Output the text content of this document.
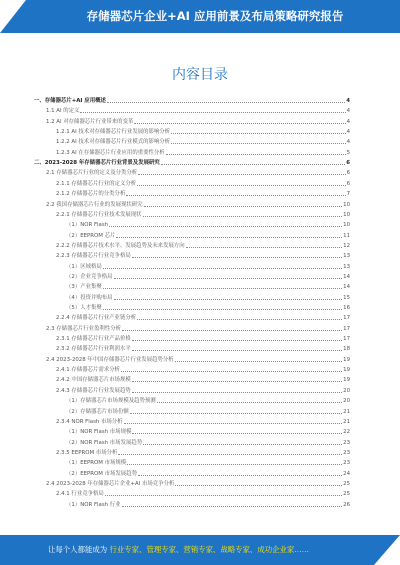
存储器芯片企业+AI 应用前景及布局策略研究报告
内容目录
一、存储器芯片+AI 应用概述	4
1.1 AI 的定义	4
1.2 AI 对存储器芯片行业带来的变革	4
1.2.1 AI 技术对存储器芯片行业发展的影响分析	4
1.2.2 AI 技术对存储器芯片行业模式的影响分析	4
1.2.3 AI 在存储器芯片行业应用的重要性分析	5
二、2023-2028 年存储器芯片行业背景及发展研究	6
2.1 存储器芯片行业的定义及分类分析	6
2.1.1 存储器芯片行业的定义分析	6
2.1.2 存储器芯片的分类分析	7
2.2 我国存储器芯片行业的发展现状研究	10
2.2.1 存储器芯片行业技术发展现状	10
（1）NOR Flash	10
（2）EEPROM 芯片	11
2.2.2 存储器芯片技术水平、发展趋势及未来发展方向	12
2.2.3 存储器芯片行业竞争格局	13
（1）区域格局	13
（2）企业竞争格局	14
（3）产业集聚	14
（4）投资并购布局	15
（5）人才集聚	16
2.2.4 存储器芯片行业产业链分析	17
2.3 存储器芯片行业盈利性分析	17
2.3.1 存储器芯片行业产品价格	17
2.3.2 存储器芯片行业利润水平	18
2.4 2023-2028 年中国存储器芯片行业发展趋势分析	19
2.4.1 存储器芯片需求分析	19
2.4.2 中国存储器芯片市场规模	19
2.4.3 存储器芯片行业发展趋势	20
（1）存储器芯片市场规模及趋势预测	20
（2）存储器芯片市场份额	21
2.3.4 NOR Flash 市场分析	21
（1）NOR Flash 市场规模	22
（2）NOR Flash 市场发展趋势	23
2.3.5 EEPROM 市场分析	23
（1）EEPROM 市场规模	23
（2）EEPROM 市场发展趋势	24
2.4 2023-2028 年存储器芯片企业+AI 市场竞争分析	25
2.4.1 行业竞争格局	25
（1）NOR Flash 行业	26
让每个人都能成为 行业专家、管理专家、营销专家、战略专家、成功企业家……
